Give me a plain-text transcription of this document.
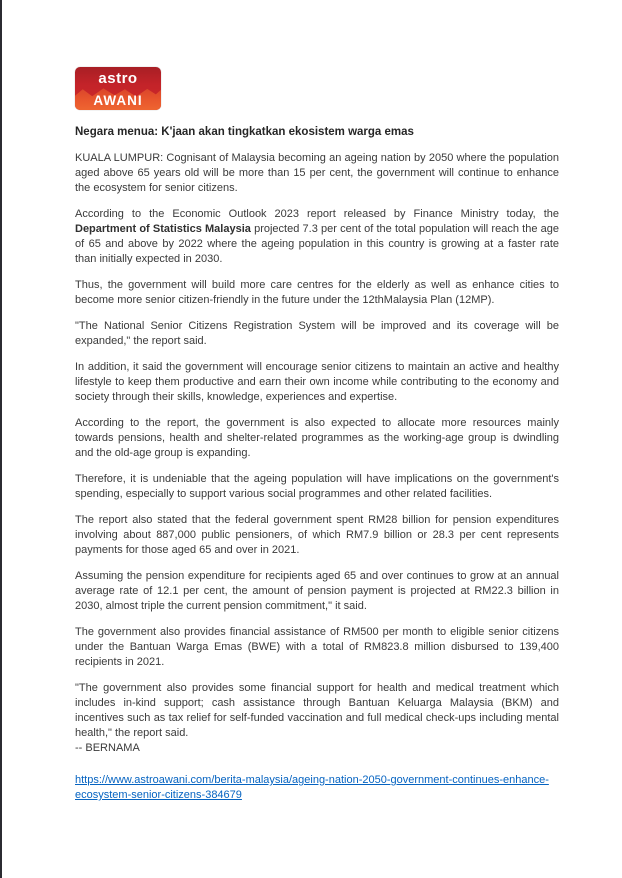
astro
AWANI
Negara menua: K'jaan akan tingkatkan ekosistem warga emas

KUALA LUMPUR: Cognisant of Malaysia becoming an ageing nation by 2050 where the population aged above 65 years old will be more than 15 per cent, the government will continue to enhance the ecosystem for senior citizens.

According to the Economic Outlook 2023 report released by Finance Ministry today, the Department of Statistics Malaysia projected 7.3 per cent of the total population will reach the age of 65 and above by 2022 where the ageing population in this country is growing at a faster rate than initially expected in 2030.

Thus, the government will build more care centres for the elderly as well as enhance cities to become more senior citizen-friendly in the future under the 12thMalaysia Plan (12MP).

"The National Senior Citizens Registration System will be improved and its coverage will be expanded," the report said.

In addition, it said the government will encourage senior citizens to maintain an active and healthy lifestyle to keep them productive and earn their own income while contributing to the economy and society through their skills, knowledge, experiences and expertise.

According to the report, the government is also expected to allocate more resources mainly towards pensions, health and shelter-related programmes as the working-age group is dwindling and the old-age group is expanding.

Therefore, it is undeniable that the ageing population will have implications on the government's spending, especially to support various social programmes and other related facilities.

The report also stated that the federal government spent RM28 billion for pension expenditures involving about 887,000 public pensioners, of which RM7.9 billion or 28.3 per cent represents payments for those aged 65 and over in 2021.

Assuming the pension expenditure for recipients aged 65 and over continues to grow at an annual average rate of 12.1 per cent, the amount of pension payment is projected at RM22.3 billion in 2030, almost triple the current pension commitment," it said.

The government also provides financial assistance of RM500 per month to eligible senior citizens under the Bantuan Warga Emas (BWE) with a total of RM823.8 million disbursed to 139,400 recipients in 2021.

"The government also provides some financial support for health and medical treatment which includes in-kind support; cash assistance through Bantuan Keluarga Malaysia (BKM) and incentives such as tax relief for self-funded vaccination and full medical check-ups including mental health," the report said.
-- BERNAMA

https://www.astroawani.com/berita-malaysia/ageing-nation-2050-government-continues-enhance-ecosystem-senior-citizens-384679
